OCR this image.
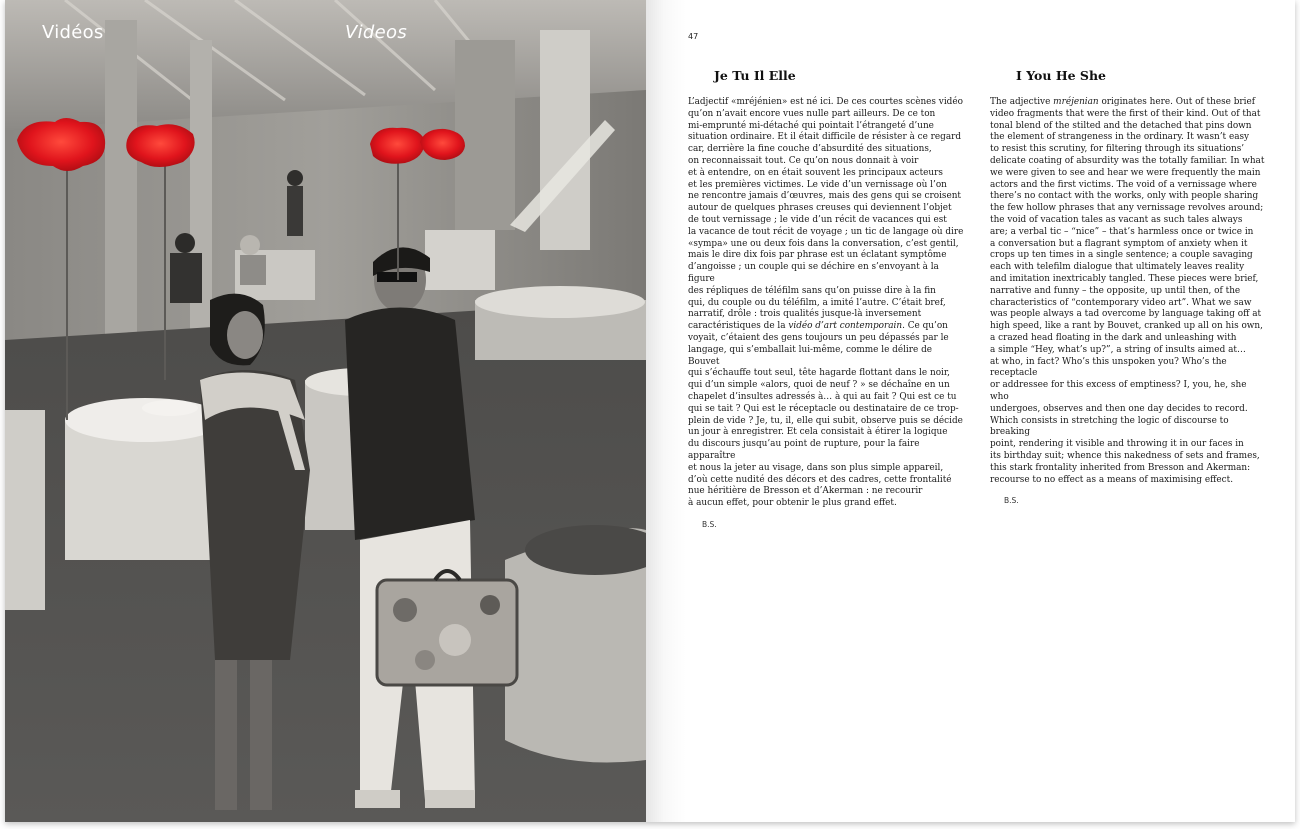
Vidéos	Videos	47
Je Tu Il Elle

L’adjectif «mréjénien» est né ici. De ces courtes scènes vidéo
qu’on n’avait encore vues nulle part ailleurs. De ce ton
mi-emprunté mi-détaché qui pointait l’étrangeté d’une
situation ordinaire. Et il était difficile de résister à ce regard
car, derrière la fine couche d’absurdité des situations,
on reconnaissait tout. Ce qu’on nous donnait à voir
et à entendre, on en était souvent les principaux acteurs
et les premières victimes. Le vide d’un vernissage où l’on
ne rencontre jamais d’œuvres, mais des gens qui se croisent
autour de quelques phrases creuses qui deviennent l’objet
de tout vernissage ; le vide d’un récit de vacances qui est
la vacance de tout récit de voyage ; un tic de langage où dire
«sympa» une ou deux fois dans la conversation, c’est gentil,
mais le dire dix fois par phrase est un éclatant symptôme
d’angoisse ; un couple qui se déchire en s’envoyant à la figure
des répliques de téléfilm sans qu’on puisse dire à la fin
qui, du couple ou du téléfilm, a imité l’autre. C’était bref,
narratif, drôle : trois qualités jusque-là inversement
caractéristiques de la vidéo d’art contemporain. Ce qu’on
voyait, c’étaient des gens toujours un peu dépassés par le
langage, qui s’emballait lui-même, comme le délire de Bouvet
qui s’échauffe tout seul, tête hagarde flottant dans le noir,
qui d’un simple «alors, quoi de neuf ? » se déchaîne en un
chapelet d’insultes adressés à… à qui au fait ? Qui est ce tu
qui se tait ? Qui est le réceptacle ou destinataire de ce trop-
plein de vide ? Je, tu, il, elle qui subit, observe puis se décide
un jour à enregistrer. Et cela consistait à étirer la logique
du discours jusqu’au point de rupture, pour la faire apparaître
et nous la jeter au visage, dans son plus simple appareil,
d’où cette nudité des décors et des cadres, cette frontalité
nue héritière de Bresson et d’Akerman : ne recourir
à aucun effet, pour obtenir le plus grand effet.

B.S.
I You He She

The adjective mréjenian originates here. Out of these brief
video fragments that were the first of their kind. Out of that
tonal blend of the stilted and the detached that pins down
the element of strangeness in the ordinary. It wasn’t easy
to resist this scrutiny, for filtering through its situations’
delicate coating of absurdity was the totally familiar. In what
we were given to see and hear we were frequently the main
actors and the first victims. The void of a vernissage where
there’s no contact with the works, only with people sharing
the few hollow phrases that any vernissage revolves around;
the void of vacation tales as vacant as such tales always
are; a verbal tic – “nice” – that’s harmless once or twice in
a conversation but a flagrant symptom of anxiety when it
crops up ten times in a single sentence; a couple savaging
each with telefilm dialogue that ultimately leaves reality
and imitation inextricably tangled. These pieces were brief,
narrative and funny – the opposite, up until then, of the
characteristics of “contemporary video art”. What we saw
was people always a tad overcome by language taking off at
high speed, like a rant by Bouvet, cranked up all on his own,
a crazed head floating in the dark and unleashing with
a simple “Hey, what’s up?”, a string of insults aimed at…
at who, in fact? Who’s this unspoken you? Who’s the receptacle
or addressee for this excess of emptiness? I, you, he, she who
undergoes, observes and then one day decides to record.
Which consists in stretching the logic of discourse to breaking
point, rendering it visible and throwing it in our faces in
its birthday suit; whence this nakedness of sets and frames,
this stark frontality inherited from Bresson and Akerman:
recourse to no effect as a means of maximising effect.

B.S.
